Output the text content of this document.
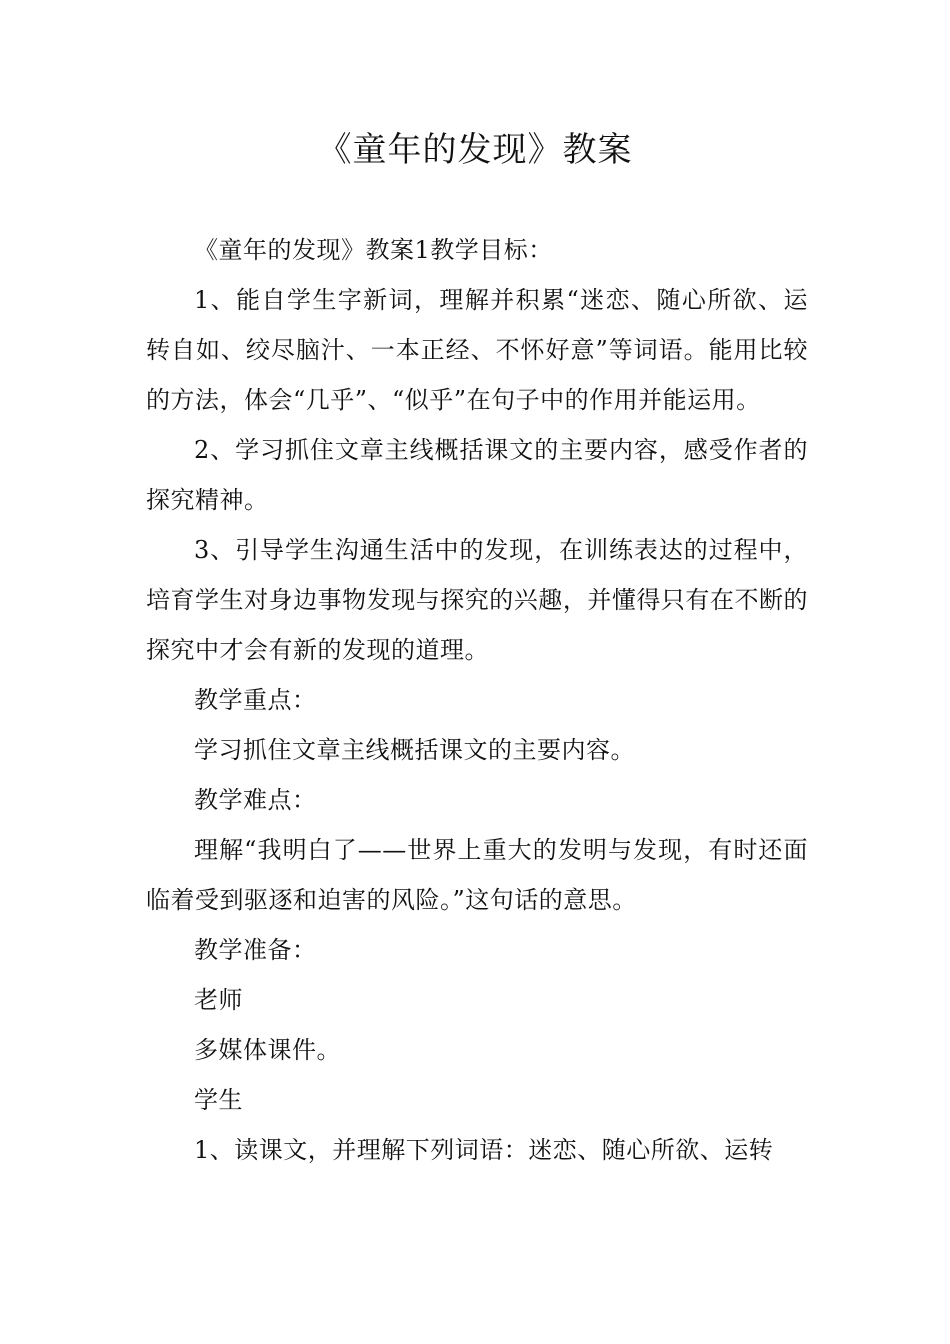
《童年的发现》教案

《童年的发现》教案1教学目标：

1、能自学生字新词，理解并积累“迷恋、随心所欲、运转自如、绞尽脑汁、一本正经、不怀好意”等词语。能用比较的方法，体会“几乎”、“似乎”在句子中的作用并能运用。

2、学习抓住文章主线概括课文的主要内容，感受作者的探究精神。

3、引导学生沟通生活中的发现，在训练表达的过程中，培育学生对身边事物发现与探究的兴趣，并懂得只有在不断的探究中才会有新的发现的道理。

教学重点：

学习抓住文章主线概括课文的主要内容。

教学难点：

理解“我明白了——世界上重大的发明与发现，有时还面临着受到驱逐和迫害的风险。”这句话的意思。

教学准备：

老师

多媒体课件。

学生

1、读课文，并理解下列词语：迷恋、随心所欲、运转
